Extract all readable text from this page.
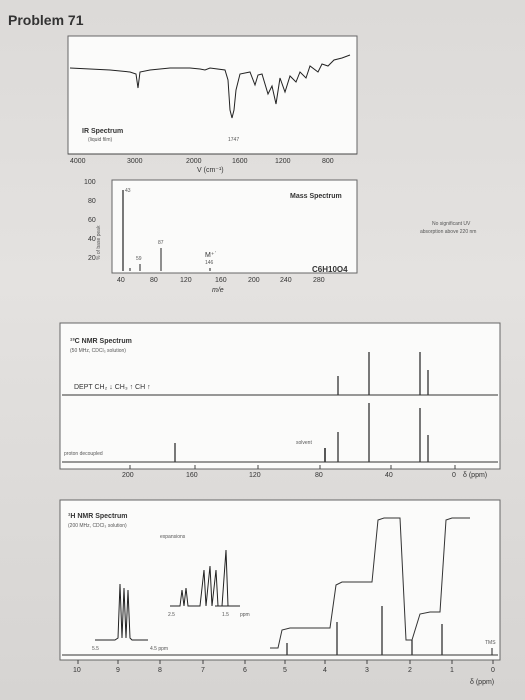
Problem 71
IR Spectrum
(liquid film)	1747
4000	3000	2000	1600	1200	800
V (cm⁻¹)
Mass Spectrum
100
80
60
40
20 % of base peak
43
59
87
M⁺˙
146
C6H10O4
40	80	120	160	200	240	280
m/e
No significant UV
absorption above 220 nm
¹³C NMR Spectrum
(50 MHz, CDCl₃ solution)
DEPT CH₂ ↓ CH₃ ↑ CH ↑
proton decoupled
solvent
200	160	120	80	40	0 δ (ppm)
¹H NMR Spectrum
(200 MHz, CDCl₃ solution)
expansions
2.5	1.5 ppm
5.5	4.5 ppm
TMS
10	9	8	7	6	5	4	3	2	1	0
δ (ppm)
